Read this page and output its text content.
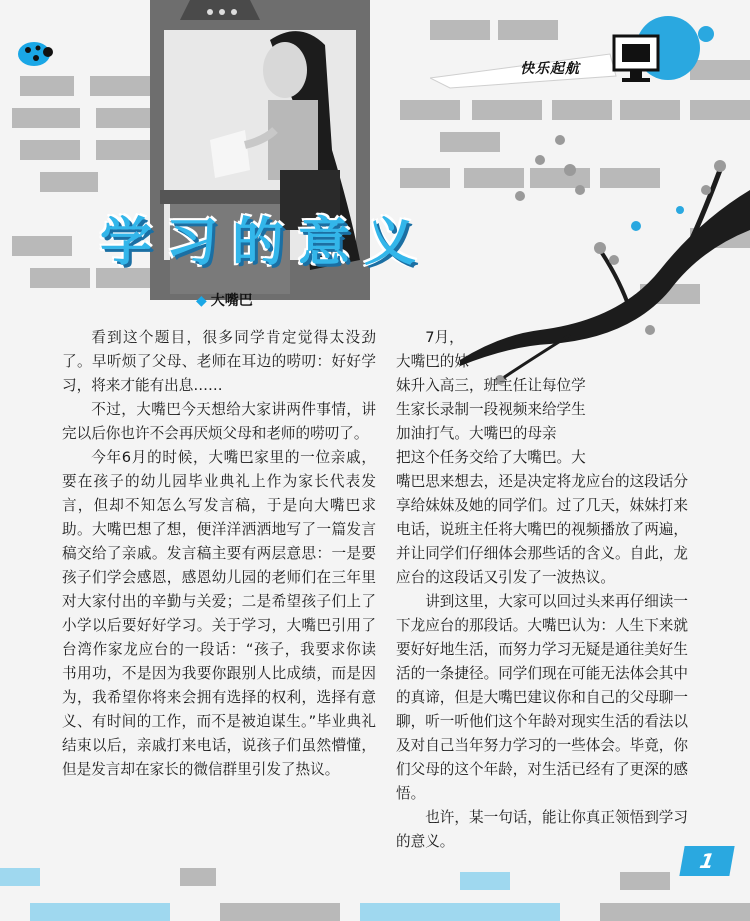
快乐起航
学习的意义
◆ 大嘴巴

看到这个题目，很多同学肯定觉得太没劲了。早听烦了父母、老师在耳边的唠叨：好好学习，将来才能有出息……

不过，大嘴巴今天想给大家讲两件事情，讲完以后你也许不会再厌烦父母和老师的唠叨了。

今年6月的时候，大嘴巴家里的一位亲戚，要在孩子的幼儿园毕业典礼上作为家长代表发言，但却不知怎么写发言稿，于是向大嘴巴求助。大嘴巴想了想，便洋洋洒洒地写了一篇发言稿交给了亲戚。发言稿主要有两层意思：一是要孩子们学会感恩，感恩幼儿园的老师们在三年里对大家付出的辛勤与关爱；二是希望孩子们上了小学以后要好好学习。关于学习，大嘴巴引用了台湾作家龙应台的一段话：“孩子，我要求你读书用功，不是因为我要你跟别人比成绩，而是因为，我希望你将来会拥有选择的权利，选择有意义、有时间的工作，而不是被迫谋生。”毕业典礼结束以后，亲戚打来电话，说孩子们虽然懵懂，但是发言却在家长的微信群里引发了热议。

7月，
大嘴巴的妹
妹升入高三，班主任让每位学
生家长录制一段视频来给学生
加油打气。大嘴巴的母亲
把这个任务交给了大嘴巴。大
嘴巴思来想去，还是决定将龙应台的这段话分享给妹妹及她的同学们。过了几天，妹妹打来电话，说班主任将大嘴巴的视频播放了两遍，并让同学们仔细体会那些话的含义。自此，龙应台的这段话又引发了一波热议。

讲到这里，大家可以回过头来再仔细读一下龙应台的那段话。大嘴巴认为：人生下来就要好好地生活，而努力学习无疑是通往美好生活的一条捷径。同学们现在可能无法体会其中的真谛，但是大嘴巴建议你和自己的父母聊一聊，听一听他们这个年龄对现实生活的看法以及对自己当年努力学习的一些体会。毕竟，你们父母的这个年龄，对生活已经有了更深的感悟。

也许，某一句话，能让你真正领悟到学习的意义。

1
